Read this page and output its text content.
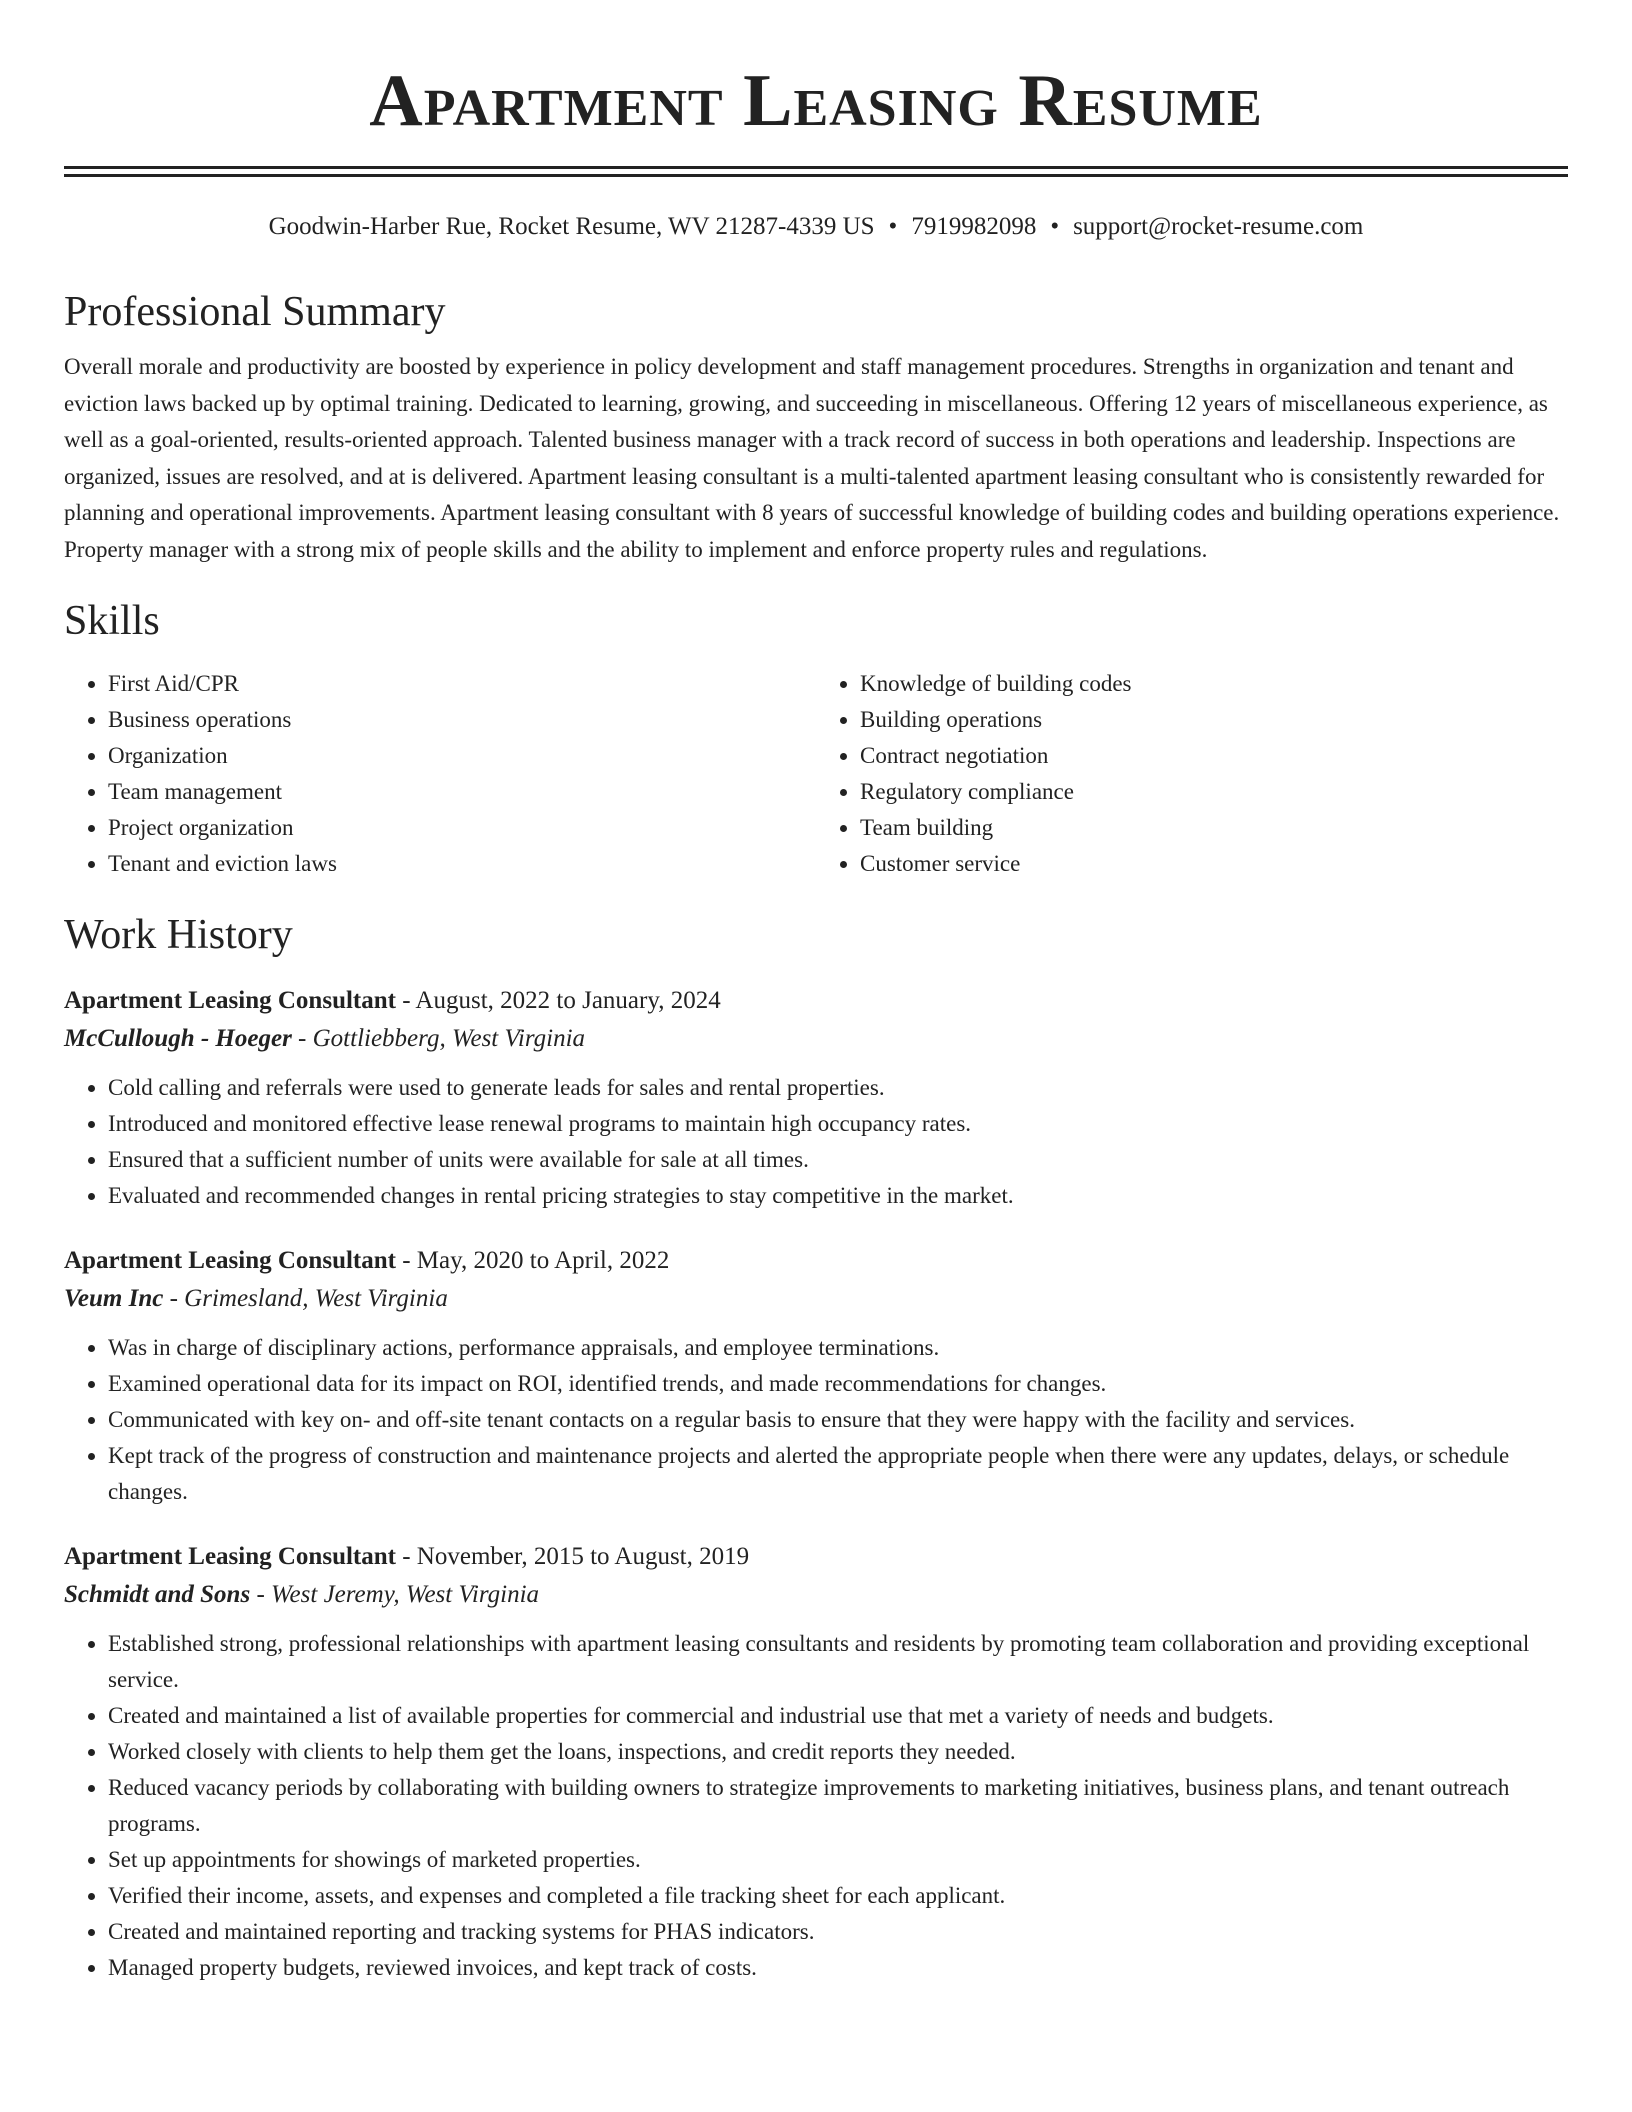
Apartment Leasing Resume
Goodwin-Harber Rue, Rocket Resume, WV 21287-4339 US • 7919982098 • support@rocket-resume.com
Professional Summary

Overall morale and productivity are boosted by experience in policy development and staff management procedures. Strengths in organization and tenant and eviction laws backed up by optimal training. Dedicated to learning, growing, and succeeding in miscellaneous. Offering 12 years of miscellaneous experience, as well as a goal-oriented, results-oriented approach. Talented business manager with a track record of success in both operations and leadership. Inspections are organized, issues are resolved, and at is delivered. Apartment leasing consultant is a multi-talented apartment leasing consultant who is consistently rewarded for planning and operational improvements. Apartment leasing consultant with 8 years of successful knowledge of building codes and building operations experience. Property manager with a strong mix of people skills and the ability to implement and enforce property rules and regulations.

Skills
• First Aid/CPR
• Business operations
• Organization
• Team management
• Project organization
• Tenant and eviction laws
• Knowledge of building codes
• Building operations
• Contract negotiation
• Regulatory compliance
• Team building
• Customer service
Work History
Apartment Leasing Consultant - August, 2022 to January, 2024
McCullough - Hoeger - Gottliebberg, West Virginia
• Cold calling and referrals were used to generate leads for sales and rental properties.
• Introduced and monitored effective lease renewal programs to maintain high occupancy rates.
• Ensured that a sufficient number of units were available for sale at all times.
• Evaluated and recommended changes in rental pricing strategies to stay competitive in the market.
Apartment Leasing Consultant - May, 2020 to April, 2022
Veum Inc - Grimesland, West Virginia
• Was in charge of disciplinary actions, performance appraisals, and employee terminations.
• Examined operational data for its impact on ROI, identified trends, and made recommendations for changes.
• Communicated with key on- and off-site tenant contacts on a regular basis to ensure that they were happy with the facility and services.
• Kept track of the progress of construction and maintenance projects and alerted the appropriate people when there were any updates, delays, or schedule changes.
Apartment Leasing Consultant - November, 2015 to August, 2019
Schmidt and Sons - West Jeremy, West Virginia
• Established strong, professional relationships with apartment leasing consultants and residents by promoting team collaboration and providing exceptional service.
• Created and maintained a list of available properties for commercial and industrial use that met a variety of needs and budgets.
• Worked closely with clients to help them get the loans, inspections, and credit reports they needed.
• Reduced vacancy periods by collaborating with building owners to strategize improvements to marketing initiatives, business plans, and tenant outreach programs.
• Set up appointments for showings of marketed properties.
• Verified their income, assets, and expenses and completed a file tracking sheet for each applicant.
• Created and maintained reporting and tracking systems for PHAS indicators.
• Managed property budgets, reviewed invoices, and kept track of costs.
